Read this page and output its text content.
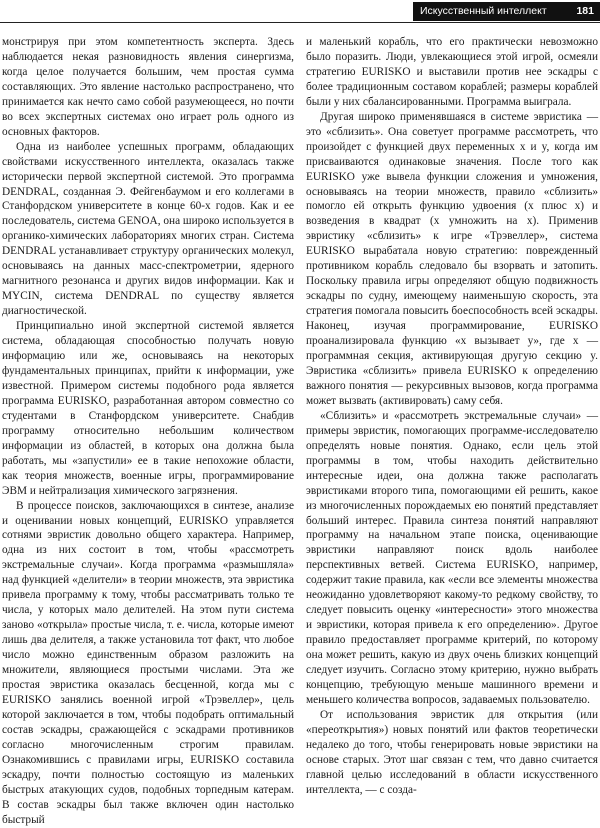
Искусственный интеллект	181

монстрируя при этом компетентность эксперта. Здесь наблюдается некая разновидность явления синергизма, когда целое получается большим, чем простая сумма составляющих. Это явление настолько распространено, что принимается как нечто само собой разумеющееся, но почти во всех экспертных системах оно играет роль одного из основных факторов.

Одна из наиболее успешных программ, обладающих свойствами искусственного интеллекта, оказалась также исторически первой экспертной системой. Это программа DENDRAL, созданная Э. Фейгенбаумом и его коллегами в Станфордском университете в конце 60-х годов. Как и ее последователь, система GENOA, она широко используется в органико-химических лабораториях многих стран. Система DENDRAL устанавливает структуру органических молекул, основываясь на данных масс-спектрометрии, ядерного магнитного резонанса и других видов информации. Как и MYCIN, система DENDRAL по существу является диагностической.

Принципиально иной экспертной системой является система, обладающая способностью получать новую информацию или же, основываясь на некоторых фундаментальных принципах, прийти к информации, уже известной. Примером системы подобного рода является программа EURISKO, разработанная автором совместно со студентами в Станфордском университете. Снабдив программу относительно небольшим количеством информации из областей, в которых она должна была работать, мы «запустили» ее в такие непохожие области, как теория множеств, военные игры, программирование ЭВМ и нейтрализация химического загрязнения.

В процессе поисков, заключающихся в синтезе, анализе и оценивании новых концепций, EURISKO управляется сотнями эвристик довольно общего характера. Например, одна из них состоит в том, чтобы «рассмотреть экстремальные случаи». Когда программа «размышляла» над функцией «делители» в теории множеств, эта эвристика привела программу к тому, чтобы рассматривать только те числа, у которых мало делителей. На этом пути система заново «открыла» простые числа, т. е. числа, которые имеют лишь два делителя, а также установила тот факт, что любое число можно единственным образом разложить на множители, являющиеся простыми числами. Эта же простая эвристика оказалась бесценной, когда мы с EURISKO занялись военной игрой «Трэвеллер», цель которой заключается в том, чтобы подобрать оптимальный состав эскадры, сражающейся с эскадрами противников согласно многочисленным строгим правилам. Ознакомившись с правилами игры, EURISKO составила эскадру, почти полностью состоящую из маленьких быстрых атакующих судов, подобных торпедным катерам. В состав эскадры был также включен один настолько быстрый

и маленький корабль, что его практически невозможно было поразить. Люди, увлекающиеся этой игрой, осмеяли стратегию EURISKO и выставили против нее эскадры с более традиционным составом кораблей; размеры кораблей были у них сбалансированными. Программа выиграла.

Другая широко применявшаяся в системе эвристика — это «сблизить». Она советует программе рассмотреть, что произойдет с функцией двух переменных x и y, когда им присваиваются одинаковые значения. После того как EURISKO уже вывела функции сложения и умножения, основываясь на теории множеств, правило «сблизить» помогло ей открыть функцию удвоения (x плюс x) и возведения в квадрат (x умножить на x). Применив эвристику «сблизить» к игре «Трэвеллер», система EURISKO вырабатала новую стратегию: поврежденный противником корабль следовало бы взорвать и затопить. Поскольку правила игры определяют общую подвижность эскадры по судну, имеющему наименьшую скорость, эта стратегия помогала повысить боеспособность всей эскадры. Наконец, изучая программирование, EURISKO проанализировала функцию «x вызывает y», где x — программная секция, активирующая другую секцию y. Эвристика «сблизить» привела EURISKO к определению важного понятия — рекурсивных вызовов, когда программа может вызвать (активировать) саму себя.

«Сблизить» и «рассмотреть экстремальные случаи» — примеры эвристик, помогающих программе-исследователю определять новые понятия. Однако, если цель этой программы в том, чтобы находить действительно интересные идеи, она должна также располагать эвристиками второго типа, помогающими ей решить, какое из многочисленных порождаемых ею понятий представляет больший интерес. Правила синтеза понятий направляют программу на начальном этапе поиска, оценивающие эвристики направляют поиск вдоль наиболее перспективных ветвей. Система EURISKO, например, содержит такие правила, как «если все элементы множества неожиданно удовлетворяют какому-то редкому свойству, то следует повысить оценку «интересности» этого множества и эвристики, которая привела к его определению». Другое правило предоставляет программе критерий, по которому она может решить, какую из двух очень близких концепций следует изучить. Согласно этому критерию, нужно выбрать концепцию, требующую меньше машинного времени и меньшего количества вопросов, задаваемых пользователю.

От использования эвристик для открытия (или «переоткрытия») новых понятий или фактов теоретически недалеко до того, чтобы генерировать новые эвристики на основе старых. Этот шаг связан с тем, что давно считается главной целью исследований в области искусственного интеллекта, — с созда-
